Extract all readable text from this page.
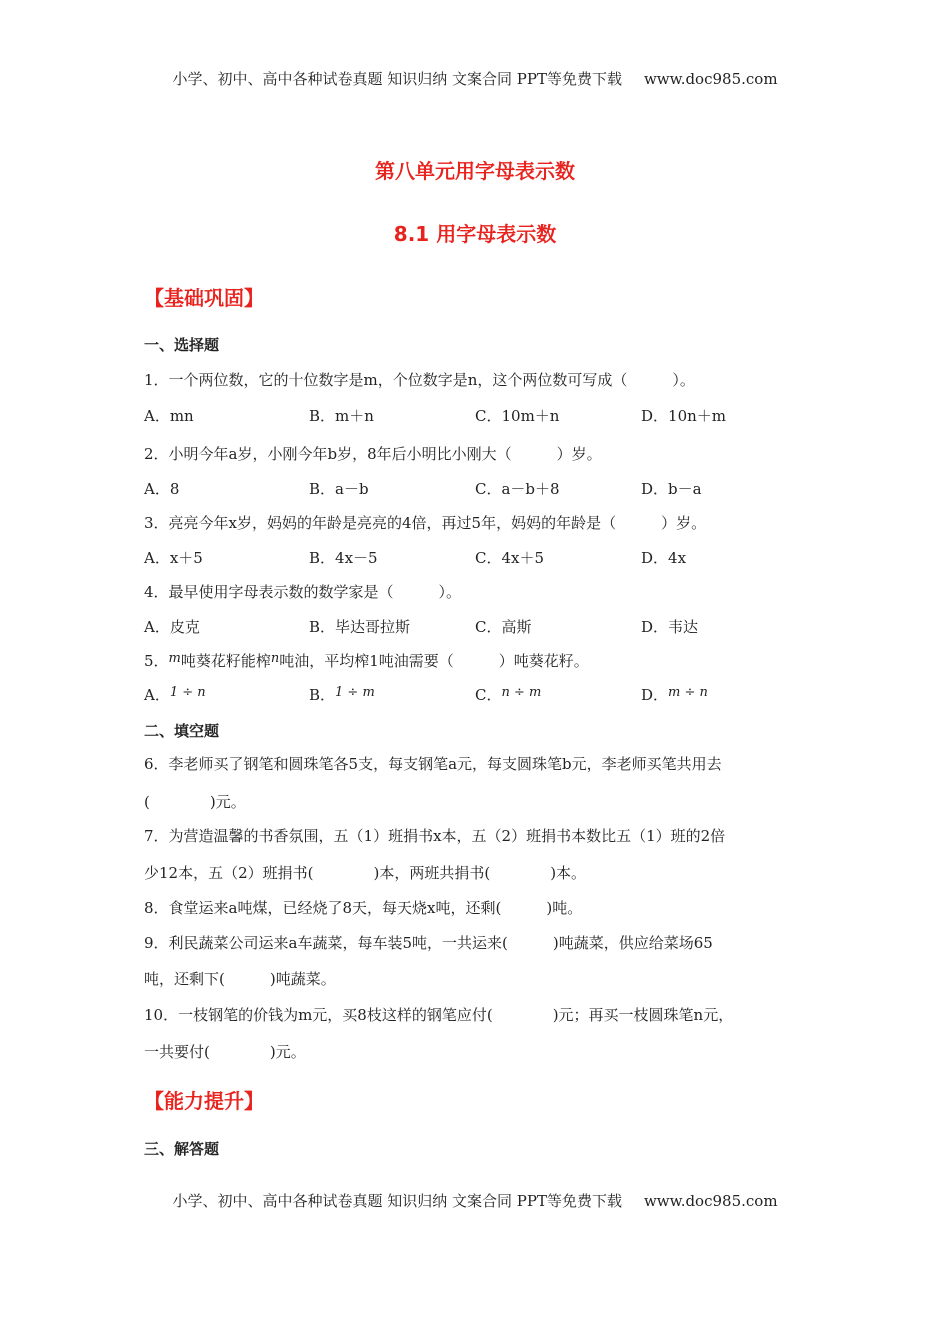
小学、初中、高中各种试卷真题 知识归纳 文案合同 PPT等免费下载 www.doc985.com
第八单元用字母表示数
8.1 用字母表示数
【基础巩固】
一、选择题
1．一个两位数，它的十位数字是m，个位数字是n，这个两位数可写成（　　　）。
A．mn	B．m＋n	C．10m＋n	D．10n＋m
2．小明今年a岁，小刚今年b岁，8年后小明比小刚大（　　　）岁。
A．8	B．a－b	C．a－b＋8	D．b－a
3．亮亮今年x岁，妈妈的年龄是亮亮的4倍，再过5年，妈妈的年龄是（　　　）岁。
A．x＋5	B．4x－5	C．4x＋5	D．4x
4．最早使用字母表示数的数学家是（　　　）。
A．皮克	B．毕达哥拉斯	C．高斯	D．韦达
5．m吨葵花籽能榨n吨油，平均榨1吨油需要（　　　）吨葵花籽。
A．1 ÷ n	B．1 ÷ m	C．n ÷ m	D．m ÷ n
二、填空题
6．李老师买了钢笔和圆珠笔各5支，每支钢笔a元，每支圆珠笔b元，李老师买笔共用去
(　　　　)元。
7．为营造温馨的书香氛围，五（1）班捐书x本，五（2）班捐书本数比五（1）班的2倍
少12本，五（2）班捐书(　　　　)本，两班共捐书(　　　　)本。
8．食堂运来a吨煤，已经烧了8天，每天烧x吨，还剩(　　　)吨。
9．利民蔬菜公司运来a车蔬菜，每车装5吨，一共运来(　　　)吨蔬菜，供应给菜场65
吨，还剩下(　　　)吨蔬菜。
10．一枝钢笔的价钱为m元，买8枝这样的钢笔应付(　　　　)元；再买一枝圆珠笔n元，
一共要付(　　　　)元。
【能力提升】
三、解答题
小学、初中、高中各种试卷真题 知识归纳 文案合同 PPT等免费下载 www.doc985.com
